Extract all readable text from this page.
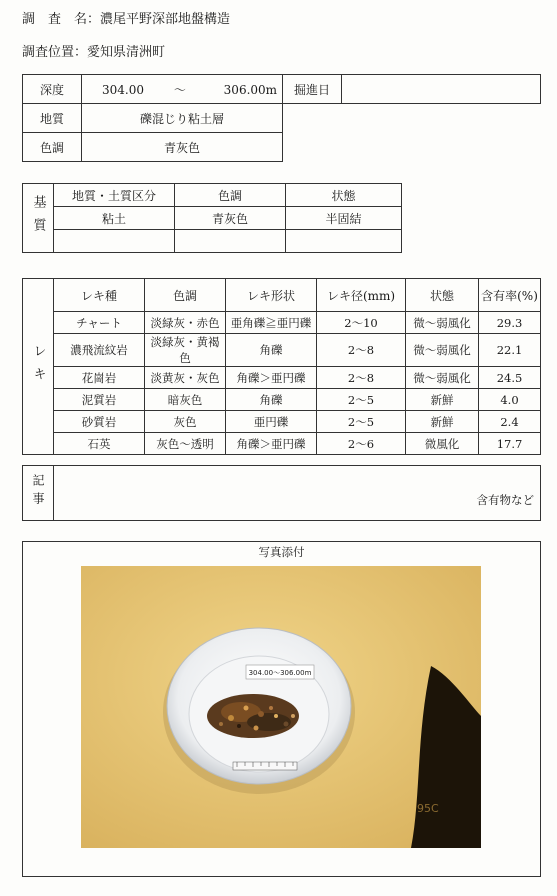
調　査　名：濃尾平野深部地盤構造
調査位置：愛知県清洲町
深度	304.00 〜 306.00m	掘進日	
地質	礫混じり粘土層		
色調	青灰色		
基質	地質・土質区分	色調	状態
	粘土	青灰色	半固結

レキ	レキ種	色調	レキ形状	レキ径(mm)	状態	含有率(%)
	チャート	淡緑灰・赤色	亜角礫≧亜円礫	2〜10	微〜弱風化	29.3
	濃飛流紋岩	淡緑灰・黄褐色	角礫	2〜8	微〜弱風化	22.1
	花崗岩	淡黄灰・灰色	角礫＞亜円礫	2〜8	微〜弱風化	24.5
	泥質岩	暗灰色	角礫	2〜5	新鮮	4.0
	砂質岩	灰色	亜円礫	2〜5	新鮮	2.4
	石英	灰色〜透明	角礫＞亜円礫	2〜6	微風化	17.7
記事	含有物など
写真添付
304.00〜306.00m
95C
